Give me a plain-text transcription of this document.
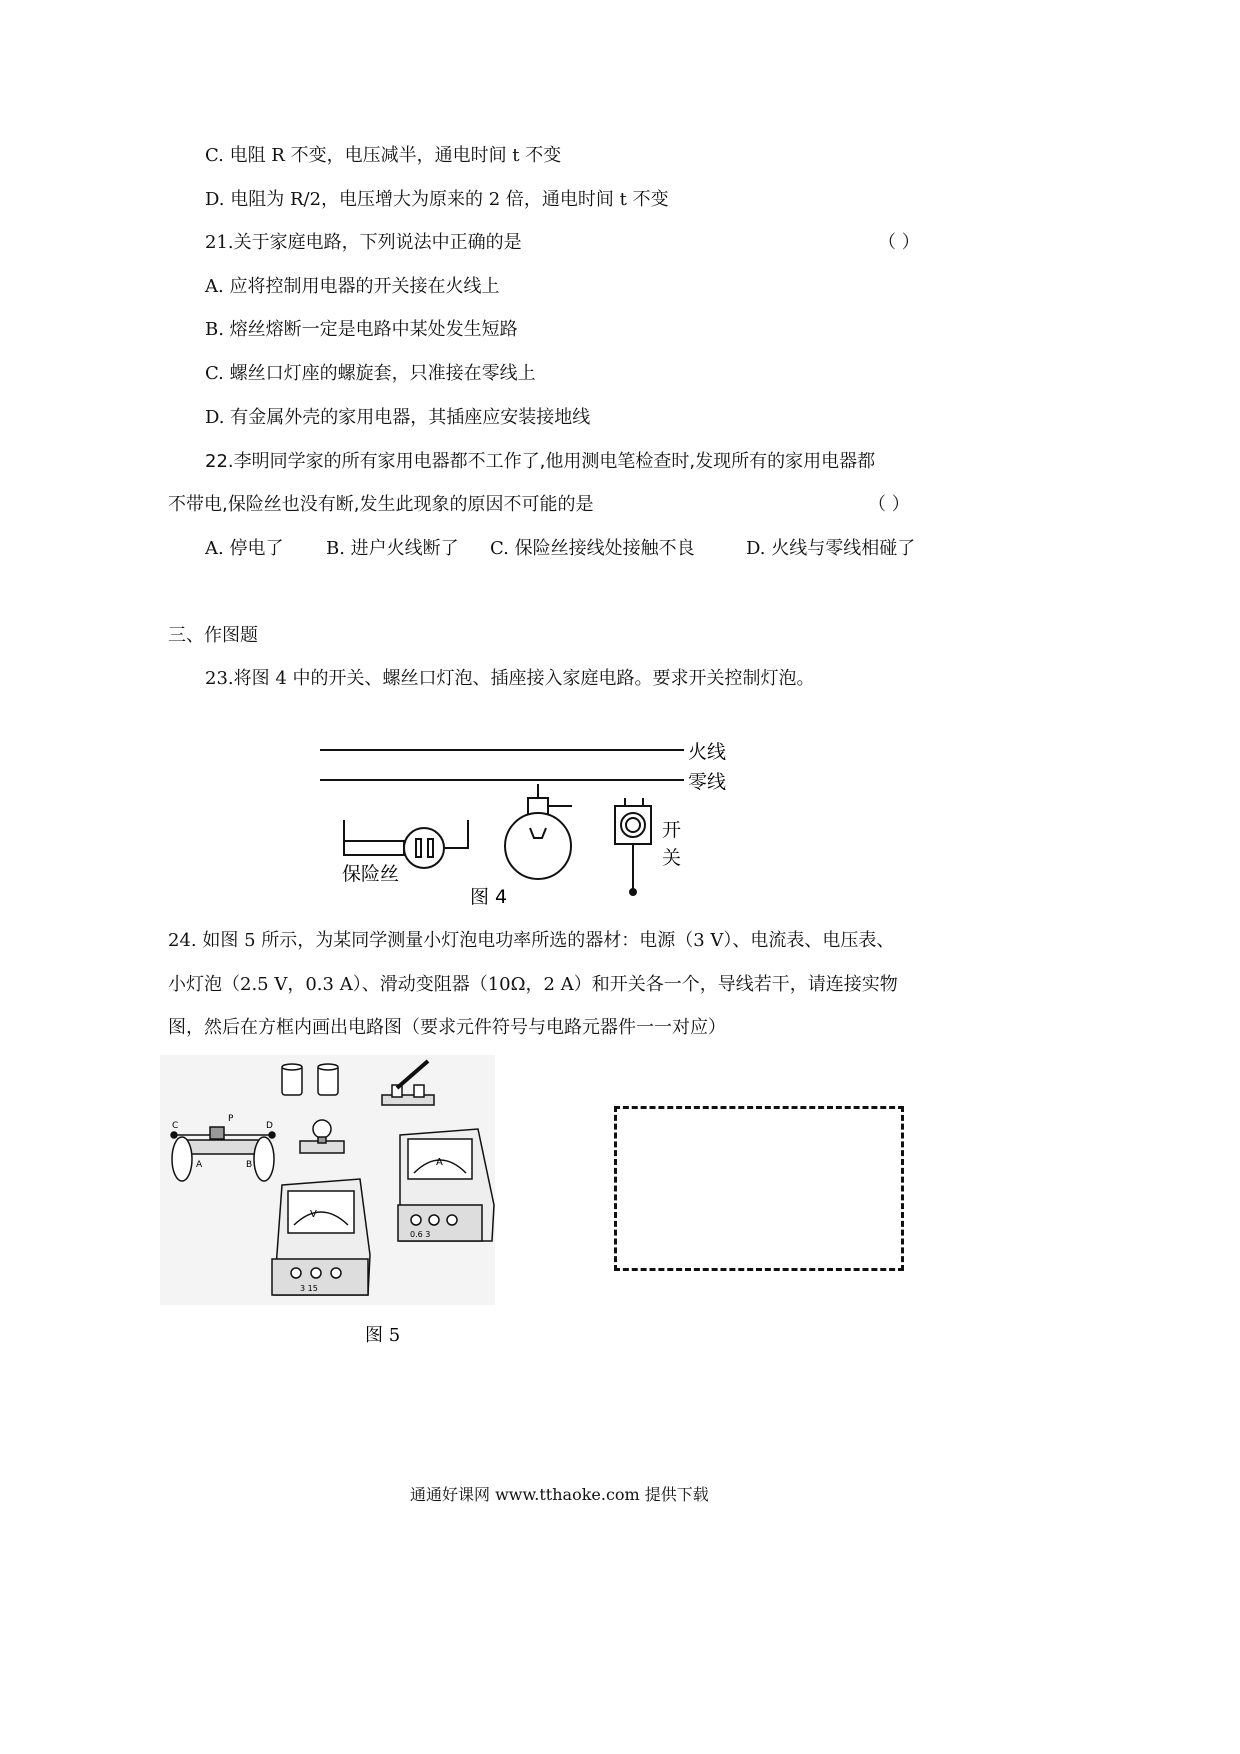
C. 电阻 R 不变，电压减半，通电时间 t 不变
D. 电阻为 R/2，电压增大为原来的 2 倍，通电时间 t 不变
21.关于家庭电路，下列说法中正确的是	（ ）
A. 应将控制用电器的开关接在火线上
B. 熔丝熔断一定是电路中某处发生短路
C. 螺丝口灯座的螺旋套，只准接在零线上
D. 有金属外壳的家用电器，其插座应安装接地线
22.李明同学家的所有家用电器都不工作了,他用测电笔检查时,发现所有的家用电器都
不带电,保险丝也没有断,发生此现象的原因不可能的是	（ ）
A. 停电了 B. 进户火线断了 C. 保险丝接线处接触不良	D. 火线与零线相碰了
三、作图题
23.将图 4 中的开关、螺丝口灯泡、插座接入家庭电路。要求开关控制灯泡。
火线
零线
保险丝
开
关
图 4
24. 如图 5 所示，为某同学测量小灯泡电功率所选的器材：电源（3 V）、电流表、电压表、
小灯泡（2.5 V，0.3 A）、滑动变阻器（10Ω，2 A）和开关各一个，导线若干，请连接实物
图，然后在方框内画出电路图（要求元件符号与电路元器件一一对应）
C
P
D
A	B	A
0.6 3
V
3 15
图 5
通通好课网 www.tthaoke.com 提供下载
